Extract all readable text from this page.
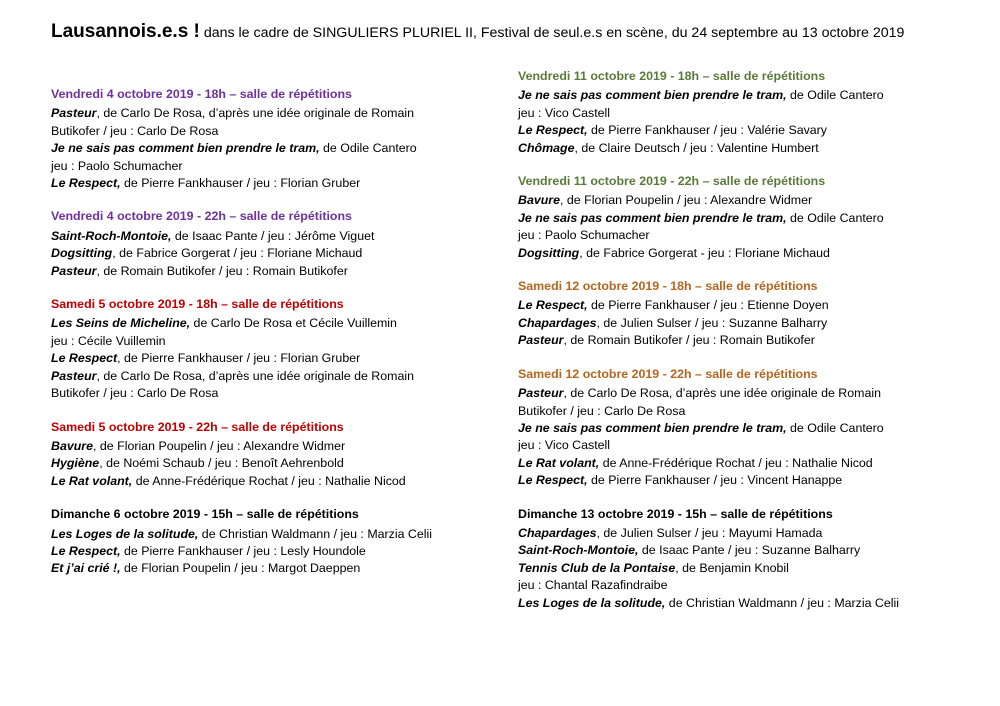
Lausannois.e.s ! dans le cadre de SINGULIERS PLURIEL II, Festival de seul.e.s en scène, du 24 septembre au 13 octobre 2019
Vendredi 4 octobre 2019 - 18h – salle de répétitions
Pasteur, de Carlo De Rosa, d’après une idée originale de Romain
Butikofer / jeu : Carlo De Rosa
Je ne sais pas comment bien prendre le tram, de Odile Cantero
jeu : Paolo Schumacher
Le Respect, de Pierre Fankhauser / jeu : Florian Gruber
Vendredi 4 octobre 2019 - 22h – salle de répétitions
Saint-Roch-Montoie, de Isaac Pante / jeu : Jérôme Viguet
Dogsitting, de Fabrice Gorgerat / jeu : Floriane Michaud
Pasteur, de Romain Butikofer / jeu : Romain Butikofer
Samedi 5 octobre 2019 - 18h – salle de répétitions
Les Seins de Micheline, de Carlo De Rosa et Cécile Vuillemin
jeu : Cécile Vuillemin
Le Respect, de Pierre Fankhauser / jeu : Florian Gruber
Pasteur, de Carlo De Rosa, d’après une idée originale de Romain
Butikofer / jeu : Carlo De Rosa
Samedi 5 octobre 2019 - 22h – salle de répétitions
Bavure, de Florian Poupelin / jeu : Alexandre Widmer
Hygiène, de Noémi Schaub / jeu : Benoît Aehrenbold
Le Rat volant, de Anne-Frédérique Rochat / jeu : Nathalie Nicod
Dimanche 6 octobre 2019 - 15h – salle de répétitions
Les Loges de la solitude, de Christian Waldmann / jeu : Marzia Celii
Le Respect, de Pierre Fankhauser / jeu : Lesly Houndole
Et j’ai crié !, de Florian Poupelin / jeu : Margot Daeppen
Vendredi 11 octobre 2019 - 18h – salle de répétitions
Je ne sais pas comment bien prendre le tram, de Odile Cantero
jeu : Vico Castell
Le Respect, de Pierre Fankhauser / jeu : Valérie Savary
Chômage, de Claire Deutsch / jeu : Valentine Humbert
Vendredi 11 octobre 2019 - 22h – salle de répétitions
Bavure, de Florian Poupelin / jeu : Alexandre Widmer
Je ne sais pas comment bien prendre le tram, de Odile Cantero
jeu : Paolo Schumacher
Dogsitting, de Fabrice Gorgerat - jeu : Floriane Michaud
Samedi 12 octobre 2019 - 18h – salle de répétitions
Le Respect, de Pierre Fankhauser / jeu : Etienne Doyen
Chapardages, de Julien Sulser / jeu : Suzanne Balharry
Pasteur, de Romain Butikofer / jeu : Romain Butikofer
Samedi 12 octobre 2019 - 22h – salle de répétitions
Pasteur, de Carlo De Rosa, d’après une idée originale de Romain
Butikofer / jeu : Carlo De Rosa
Je ne sais pas comment bien prendre le tram, de Odile Cantero
jeu : Vico Castell
Le Rat volant, de Anne-Frédérique Rochat / jeu : Nathalie Nicod
Le Respect, de Pierre Fankhauser / jeu : Vincent Hanappe
Dimanche 13 octobre 2019 - 15h – salle de répétitions
Chapardages, de Julien Sulser / jeu : Mayumi Hamada
Saint-Roch-Montoie, de Isaac Pante / jeu : Suzanne Balharry
Tennis Club de la Pontaise, de Benjamin Knobil
jeu : Chantal Razafindraibe
Les Loges de la solitude, de Christian Waldmann / jeu : Marzia Celii
